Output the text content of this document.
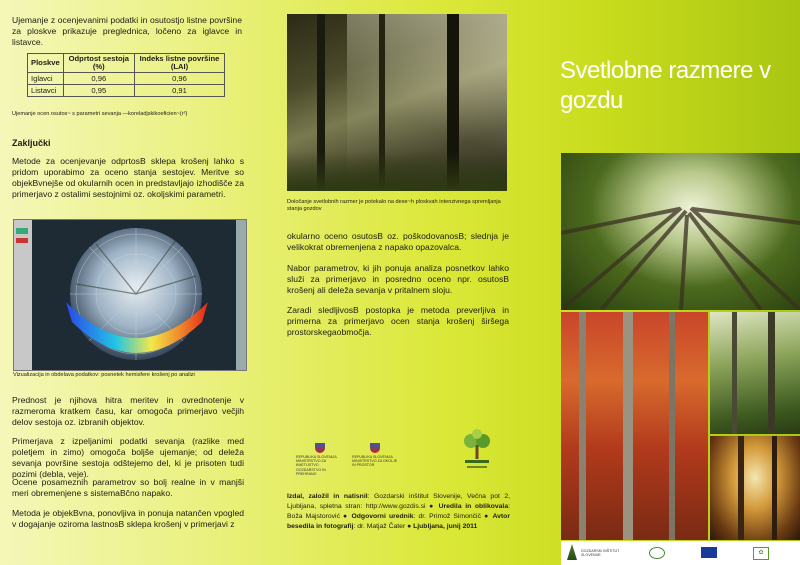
Ujemanje z ocenjevanimi podatki in osutostjo listne površine za ploskve prikazuje preglednica, ločeno za iglavce in listavce.

Ploskve	Odprtost sestoja (%)	Indeks listne površine (LAI)
Iglavci	0,96	0,96
Listavci	0,95	0,91

Ujemanje ocen osutos~ s parametri sevanja —koreladjskikoeficien~(r²)

Zaključki

Metode za ocenjevanje odprtosB sklepa krošenj lahko s pridom uporabimo za oceno stanja sestojev. Meritve so objekBvnejše od okularnih ocen in predstavljajo izhodišče za primerjavo z ostalimi sestojnimi oz. okoljskimi parametri.

Vizualizacija in obdelava podatkov: posnetek hemisfere krošenj po analizi

Prednost je njihova hitra meritev in ovrednotenje v razmeroma kratkem času, kar omogoča primerjavo večjih delov sestoja oz. izbranih objektov.

Primerjava z izpeljanimi podatki sevanja (razlike med poletjem in zimo) omogoča boljše ujemanje; od deleža sevanja površine sestoja odštejemo del, ki je prisoten tudi pozimi (debla, veje).

Ocene posameznih parametrov so bolj realne in v manjši meri obremenjene s sistemaBčno napako.

Metoda je objekBvna, ponovljiva in ponuja natančen vpogled v dogajanje oziroma lastnosB sklepa krošenj v primerjavi z

Določanje svetlobnih razmer je potekalo na dese~h ploskvah intenzivnega spremljanja stanja gozdov

okularno oceno osutosB oz. poškodovanosB; slednja je velikokrat obremenjena z napako opazovalca.

Nabor parametrov, ki jih ponuja analiza posnetkov lahko služi za primerjavo in posredno oceno npr. osutosB krošenj ali deleža sevanja v pritalnem sloju.

Zaradi sledljivosB postopka je metoda preverljiva in primerna za primerjavo ocen stanja krošenj širšega prostorskegaobmočja.

REPUBLIKA SLOVENIJA MINISTRSTVO ZA KMETIJSTVO GOZDARSTVO IN PREHRANO
REPUBLIKA SLOVENIJA MINISTRSTVO ZA OKOLJE IN PROSTOR

Izdal, založil in natisnil: Gozdarski inštitut Slovenije, Večna pot 2, Ljubljana, spletna stran: http://www.gozdis.si ● Uredila in oblikovala: Boža Majstorović ● Odgovorni urednik: dr. Primož Simončič ● Avtor besedila in fotografij: dr. Matjaž Čater ● Ljubljana, junij 2011

Svetlobne razmere v gozdu
GOZDARSKI INŠTITUT SLOVENIJE	✿
